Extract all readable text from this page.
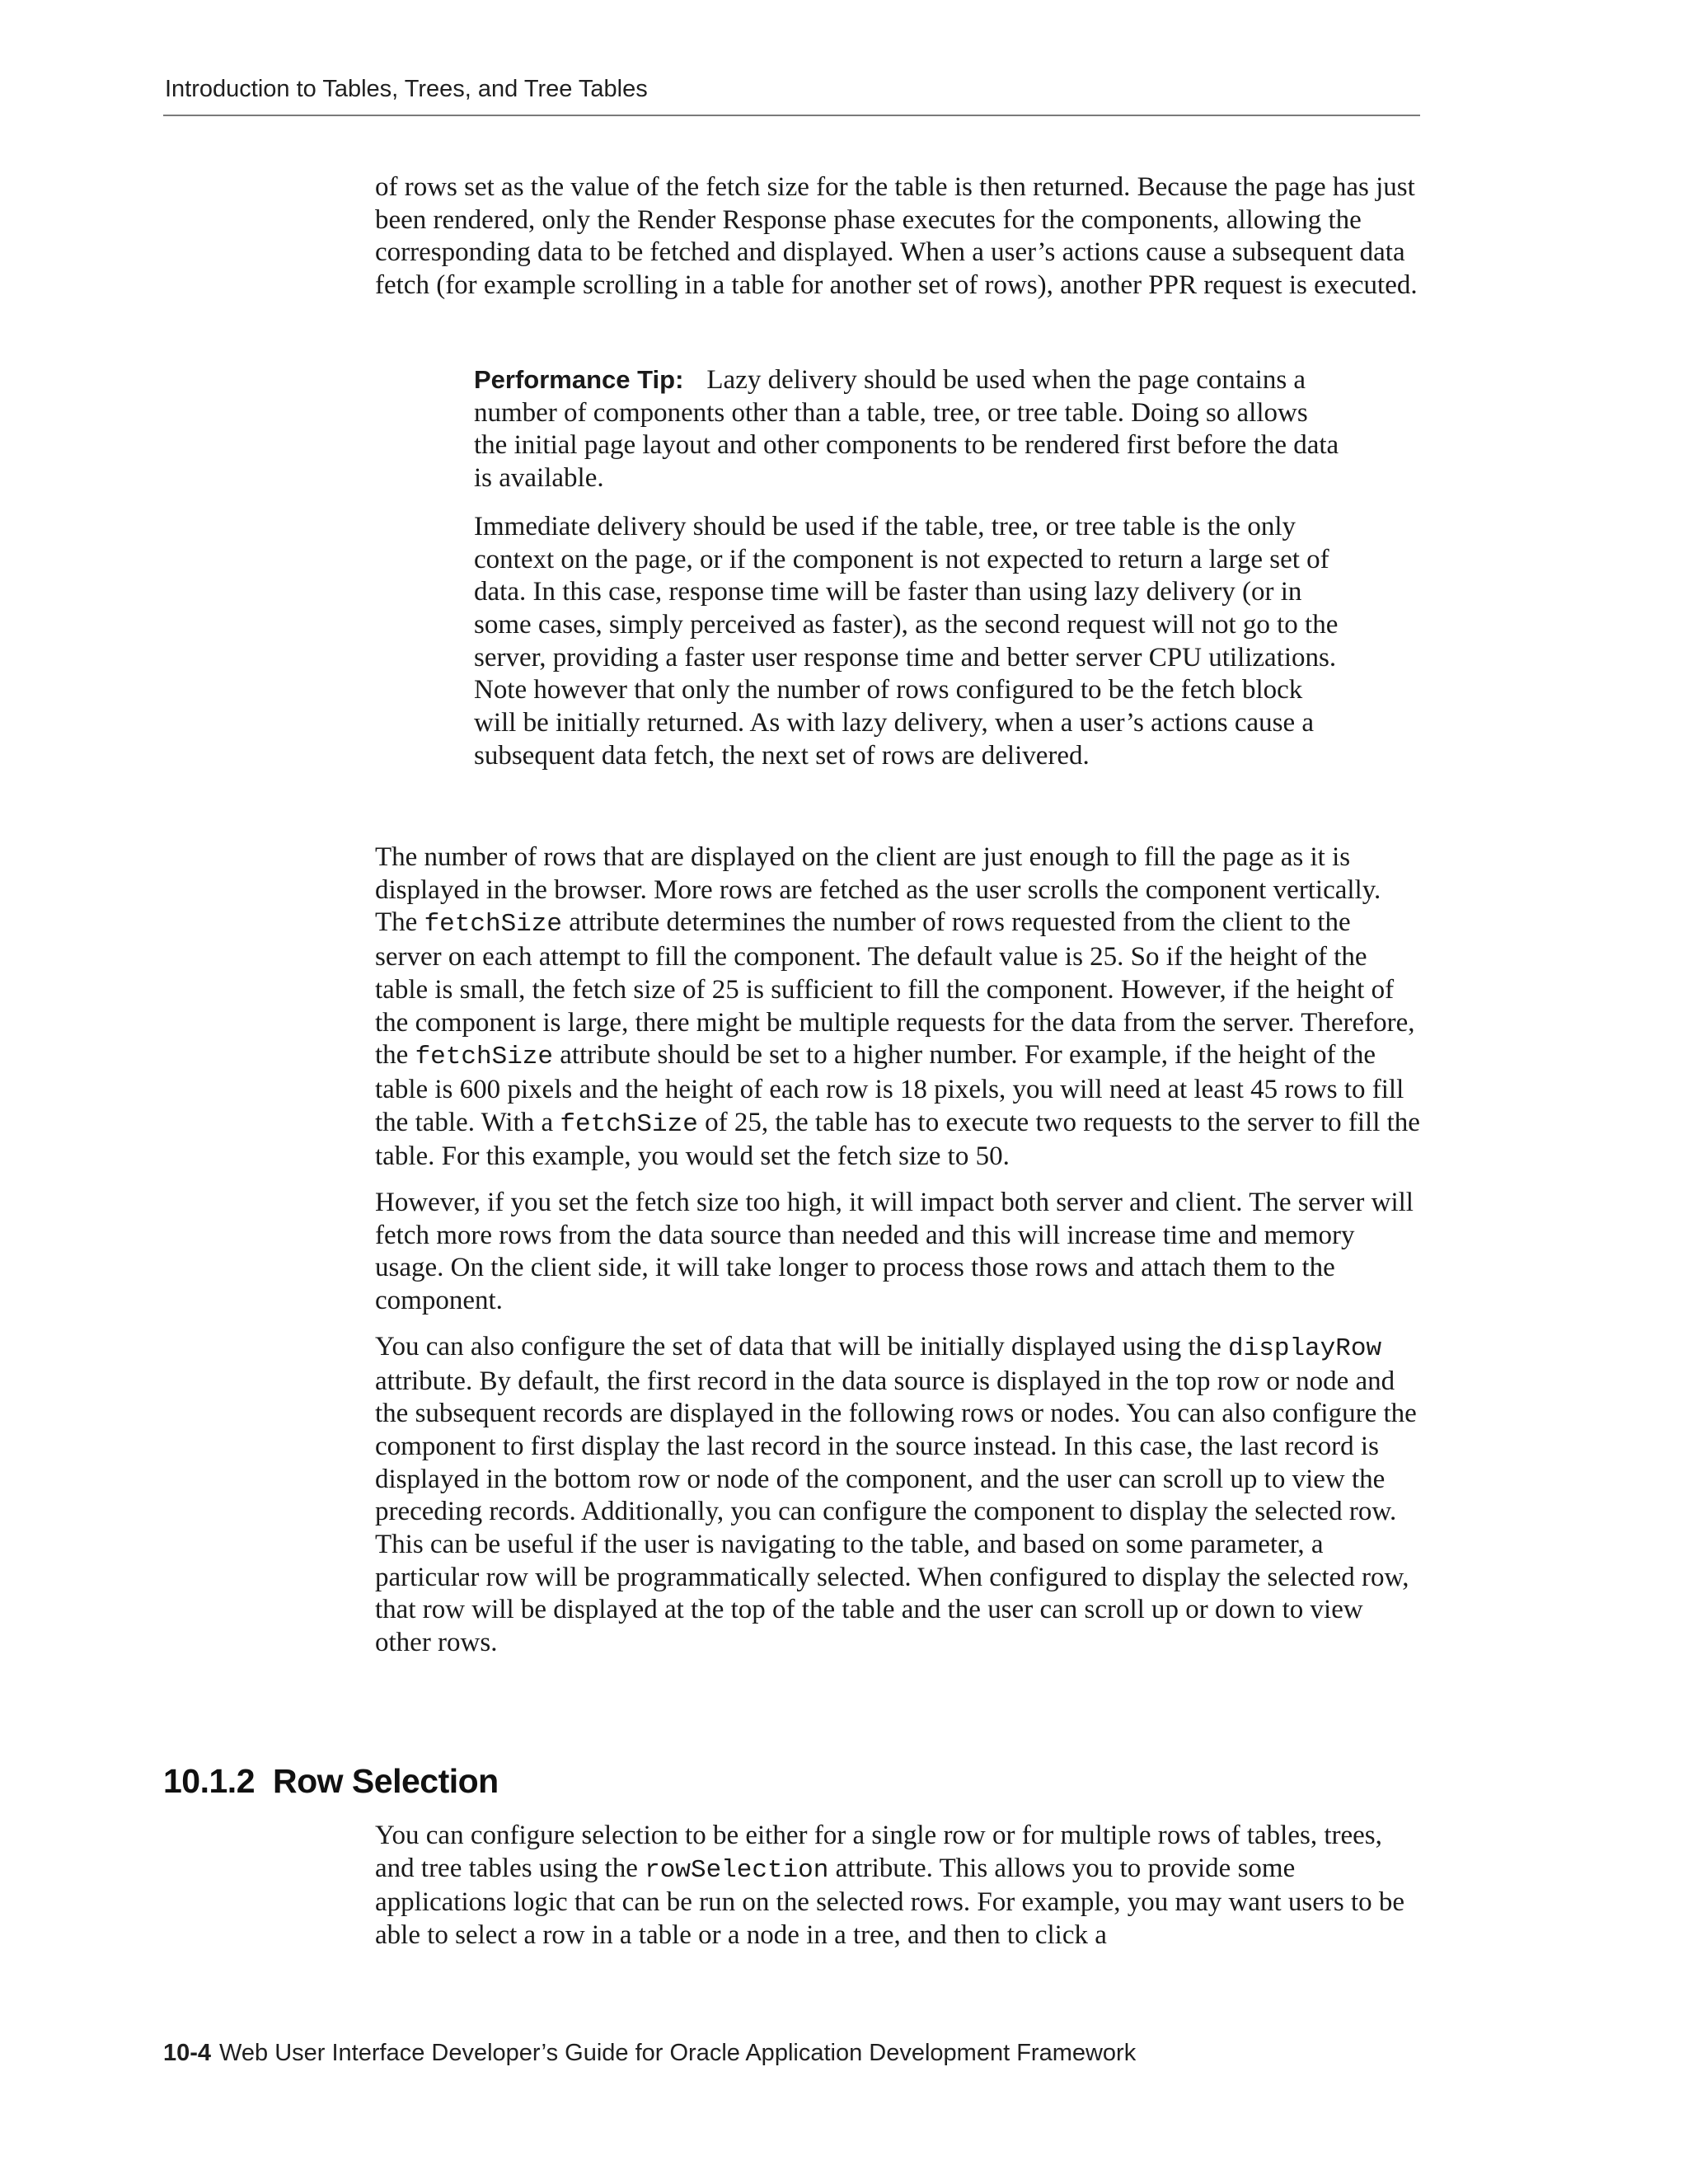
Introduction to Tables, Trees, and Tree Tables

of rows set as the value of the fetch size for the table is then returned. Because the page has just been rendered, only the Render Response phase executes for the components, allowing the corresponding data to be fetched and displayed. When a user’s actions cause a subsequent data fetch (for example scrolling in a table for another set of rows), another PPR request is executed.

Performance Tip: Lazy delivery should be used when the page contains a number of components other than a table, tree, or tree table. Doing so allows the initial page layout and other components to be rendered first before the data is available.

Immediate delivery should be used if the table, tree, or tree table is the only context on the page, or if the component is not expected to return a large set of data. In this case, response time will be faster than using lazy delivery (or in some cases, simply perceived as faster), as the second request will not go to the server, providing a faster user response time and better server CPU utilizations. Note however that only the number of rows configured to be the fetch block will be initially returned. As with lazy delivery, when a user’s actions cause a subsequent data fetch, the next set of rows are delivered.

The number of rows that are displayed on the client are just enough to fill the page as it is displayed in the browser. More rows are fetched as the user scrolls the component vertically. The fetchSize attribute determines the number of rows requested from the client to the server on each attempt to fill the component. The default value is 25. So if the height of the table is small, the fetch size of 25 is sufficient to fill the component. However, if the height of the component is large, there might be multiple requests for the data from the server. Therefore, the fetchSize attribute should be set to a higher number. For example, if the height of the table is 600 pixels and the height of each row is 18 pixels, you will need at least 45 rows to fill the table. With a fetchSize of 25, the table has to execute two requests to the server to fill the table. For this example, you would set the fetch size to 50.

However, if you set the fetch size too high, it will impact both server and client. The server will fetch more rows from the data source than needed and this will increase time and memory usage. On the client side, it will take longer to process those rows and attach them to the component.

You can also configure the set of data that will be initially displayed using the displayRow attribute. By default, the first record in the data source is displayed in the top row or node and the subsequent records are displayed in the following rows or nodes. You can also configure the component to first display the last record in the source instead. In this case, the last record is displayed in the bottom row or node of the component, and the user can scroll up to view the preceding records. Additionally, you can configure the component to display the selected row. This can be useful if the user is navigating to the table, and based on some parameter, a particular row will be programmatically selected. When configured to display the selected row, that row will be displayed at the top of the table and the user can scroll up or down to view other rows.

10.1.2 Row Selection

You can configure selection to be either for a single row or for multiple rows of tables, trees, and tree tables using the rowSelection attribute. This allows you to provide some applications logic that can be run on the selected rows. For example, you may want users to be able to select a row in a table or a node in a tree, and then to click a

10-4 Web User Interface Developer’s Guide for Oracle Application Development Framework
